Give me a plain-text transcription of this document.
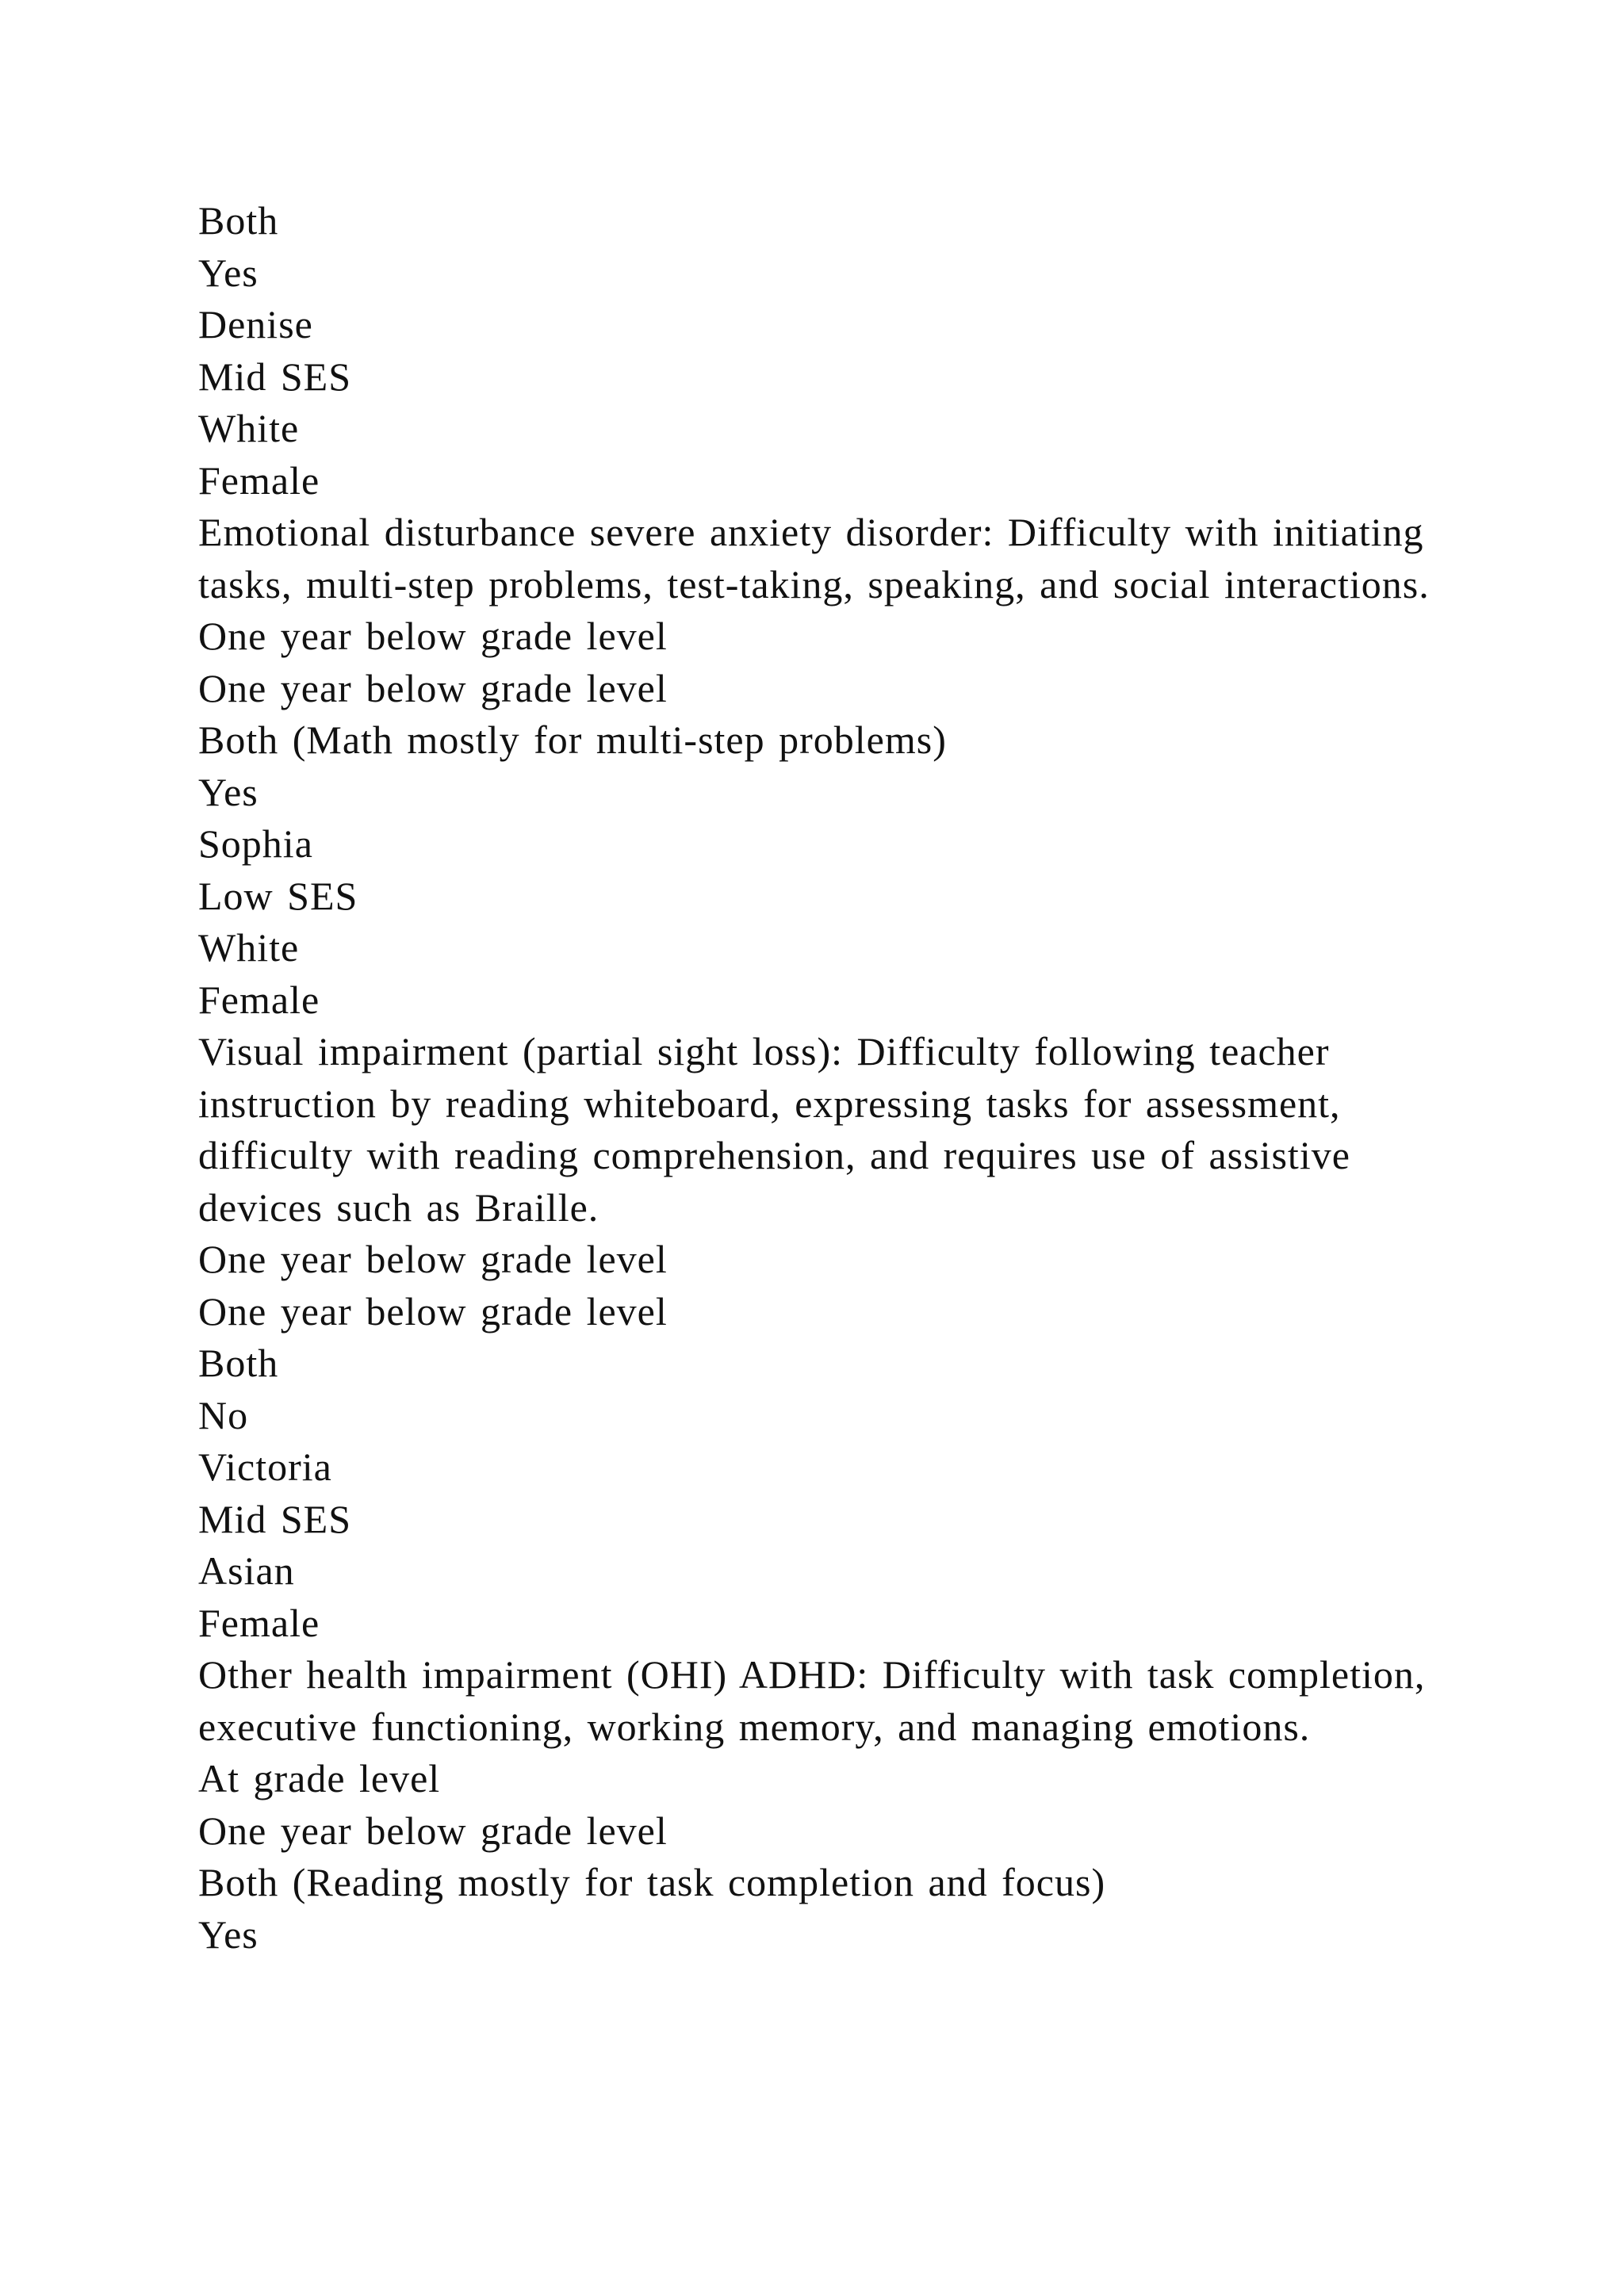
Both
Yes
Denise
Mid SES
White
Female
Emotional disturbance severe anxiety disorder: Difficulty with initiating tasks, multi-step problems, test-taking, speaking, and social interactions.
One year below grade level
One year below grade level
Both (Math mostly for multi-step problems)
Yes
Sophia
Low SES
White
Female
Visual impairment (partial sight loss): Difficulty following teacher instruction by reading whiteboard, expressing tasks for assessment, difficulty with reading comprehension, and requires use of assistive devices such as Braille.
One year below grade level
One year below grade level
Both
No
Victoria
Mid SES
Asian
Female
Other health impairment (OHI) ADHD: Difficulty with task completion, executive functioning, working memory, and managing emotions.
At grade level
One year below grade level
Both (Reading mostly for task completion and focus)
Yes
